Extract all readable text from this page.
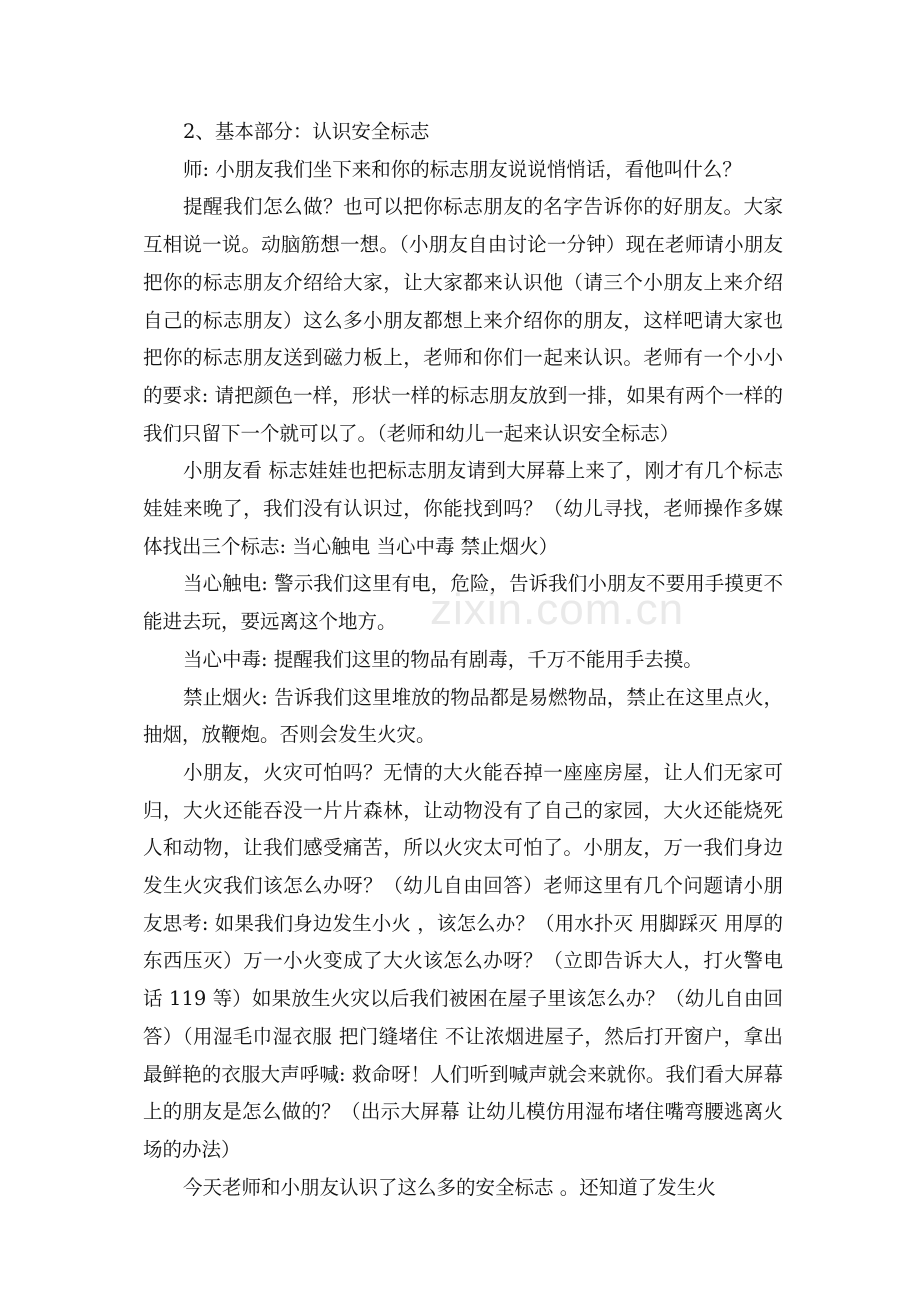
zixin.com.cn

2、基本部分：认识安全标志

师: 小朋友我们坐下来和你的标志朋友说说悄悄话，看他叫什么？

提醒我们怎么做？也可以把你标志朋友的名字告诉你的好朋友。大家互相说一说。动脑筋想一想。（小朋友自由讨论一分钟）现在老师请小朋友把你的标志朋友介绍给大家，让大家都来认识他（请三个小朋友上来介绍自己的标志朋友）这么多小朋友都想上来介绍你的朋友，这样吧请大家也把你的标志朋友送到磁力板上，老师和你们一起来认识。老师有一个小小的要求: 请把颜色一样，形状一样的标志朋友放到一排，如果有两个一样的我们只留下一个就可以了。（老师和幼儿一起来认识安全标志）

小朋友看 标志娃娃也把标志朋友请到大屏幕上来了，刚才有几个标志娃娃来晚了，我们没有认识过，你能找到吗？（幼儿寻找，老师操作多媒体找出三个标志: 当心触电 当心中毒 禁止烟火）

当心触电: 警示我们这里有电，危险，告诉我们小朋友不要用手摸更不能进去玩，要远离这个地方。

当心中毒: 提醒我们这里的物品有剧毒，千万不能用手去摸。

禁止烟火: 告诉我们这里堆放的物品都是易燃物品，禁止在这里点火，抽烟，放鞭炮。否则会发生火灾。

小朋友，火灾可怕吗？无情的大火能吞掉一座座房屋，让人们无家可归，大火还能吞没一片片森林，让动物没有了自己的家园，大火还能烧死人和动物，让我们感受痛苦，所以火灾太可怕了。小朋友，万一我们身边发生火灾我们该怎么办呀？（幼儿自由回答）老师这里有几个问题请小朋友思考: 如果我们身边发生小火 ，该怎么办？（用水扑灭 用脚踩灭 用厚的东西压灭）万一小火变成了大火该怎么办呀？（立即告诉大人，打火警电话 119 等）如果放生火灾以后我们被困在屋子里该怎么办？（幼儿自由回答）（用湿毛巾湿衣服 把门缝堵住 不让浓烟进屋子，然后打开窗户，拿出最鲜艳的衣服大声呼喊: 救命呀！人们听到喊声就会来就你。我们看大屏幕上的朋友是怎么做的？（出示大屏幕 让幼儿模仿用湿布堵住嘴弯腰逃离火场的办法）

今天老师和小朋友认识了这么多的安全标志 。还知道了发生火
